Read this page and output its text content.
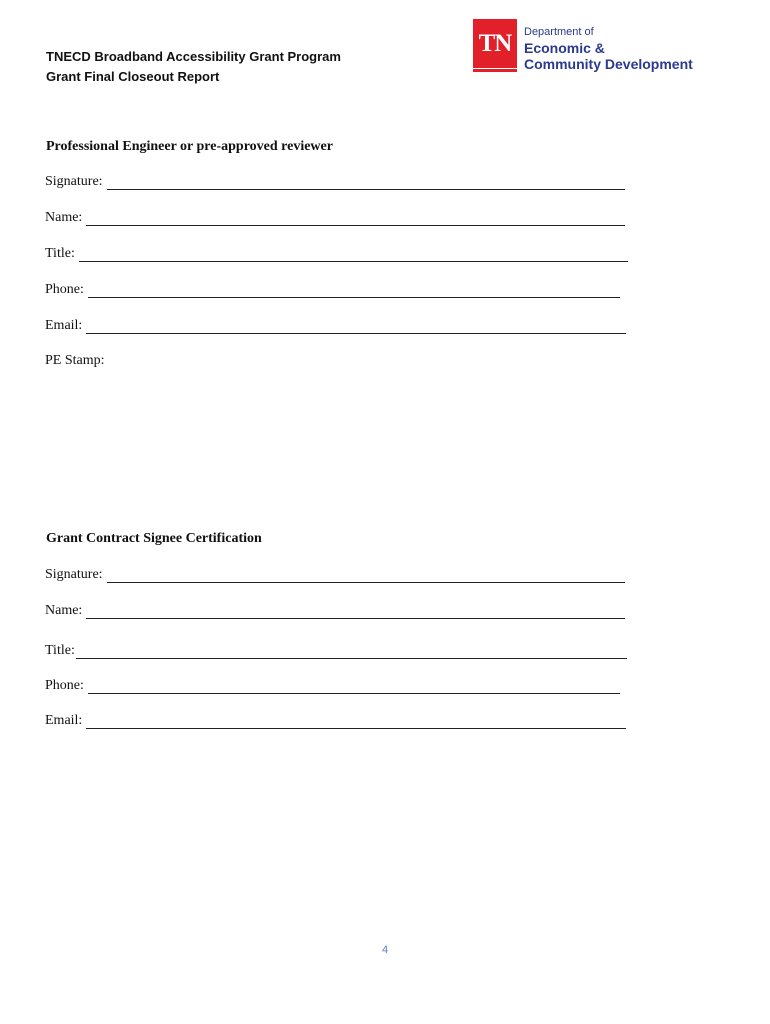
TNECD Broadband Accessibility Grant Program
Grant Final Closeout Report
TN	Department of
Economic &
Community Development
Professional Engineer or pre-approved reviewer
Signature:
Name:
Title:
Phone:
Email:
PE Stamp:
Grant Contract Signee Certification
Signature:
Name:
Title:
Phone:
Email:
4
